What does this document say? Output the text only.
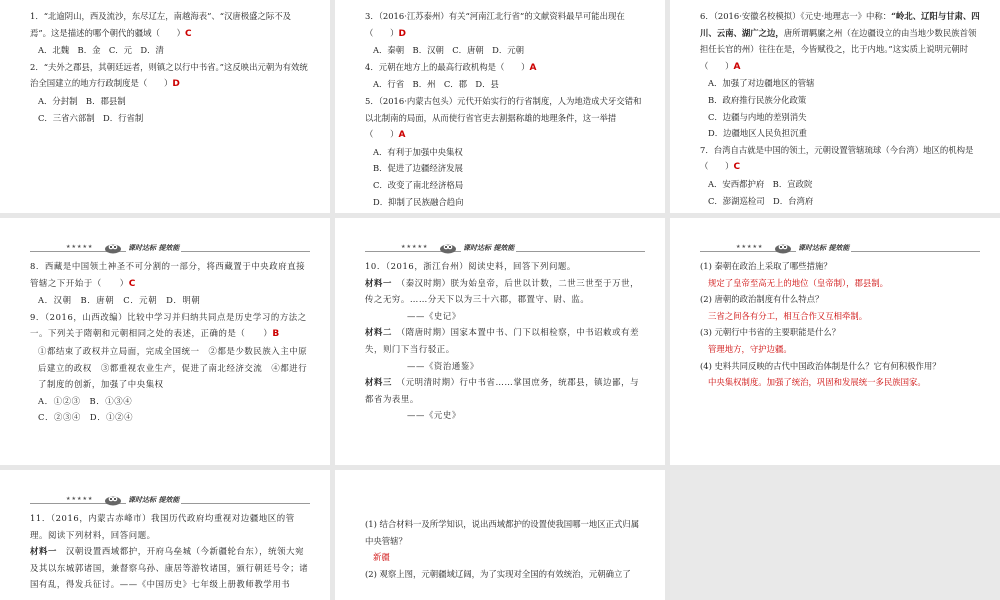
1．“北逾阴山，西及流沙，东尽辽左，南越海表”、“汉唐极盛之际不及焉”。这是描述的哪个朝代的疆域（　　）C

A．北魏　B．金　C．元　D．清

2．“夫外之郡县，其朝廷远者，则镇之以行中书省。”这反映出元朝为有效统治全国建立的地方行政制度是（　　）D

A．分封制　B．郡县制

C．三省六部制　D．行省制

3．（2016·江苏泰州）有关“河南江北行省”的文献资料最早可能出现在（　　）D

A．秦朝　B．汉朝　C．唐朝　D．元朝

4．元朝在地方上的最高行政机构是（　　）A

A．行省　B．州　C．郡　D．县

5．（2016·内蒙古包头）元代开始实行的行省制度，人为地造成犬牙交错和以北制南的局面，从而使行省官吏去割据称雄的地理条件，这一举措（　　）A

A．有利于加强中央集权

B．促进了边疆经济发展

C．改变了南北经济格局

D．抑制了民族融合趋向

6．（2016·安徽名校模拟）《元史·地理志一》中称：“岭北、辽阳与甘肃、四川、云南、湖广之边，唐所谓羁縻之州（在边疆设立的由当地少数民族首领担任长官的州）往往在是，今皆赋役之，比于内地。”这实质上说明元朝时（　　）A

A．加强了对边疆地区的管辖

B．政府推行民族分化政策

C．边疆与内地的差别消失

D．边疆地区人民负担沉重

7．台湾自古就是中国的领土，元朝设置管辖琉球（今台湾）地区的机构是（　　）C

A．安西都护府　B．宣政院

C．澎湖巡检司　D．台湾府

★★★★★	课时达标 提效能

8．西藏是中国领土神圣不可分割的一部分，将西藏置于中央政府直接管辖之下开始于（　　）C

A．汉朝　B．唐朝　C．元朝　D．明朝

9．（2016，山西改编）比较中学习并归纳共同点是历史学习的方法之一。下列关于隋朝和元朝相同之处的表述，正确的是（　　）B

①都结束了政权并立局面，完成全国统一　②都是少数民族入主中原后建立的政权　③都重视农业生产，促进了南北经济交流　④都进行了制度的创新，加强了中央集权

A．①②③　B．①③④

C．②③④　D．①②④

★★★★★	课时达标 提效能

10．（2016，浙江台州）阅读史料，回答下列问题。

材料一　 （秦汉时期）朕为始皇帝，后世以计数，二世三世至于万世，传之无穷。……分天下以为三十六郡，郡置守、尉、监。

——《史记》

材料二　 （隋唐时期）国家本置中书、门下以相检察，中书诏敕或有差失，则门下当行驳正。

——《资治通鉴》

材料三　 （元明清时期）行中书省……掌国庶务，统郡县，镇边鄙，与都省为表里。

——《元史》

★★★★★	课时达标 提效能

(1) 秦朝在政治上采取了哪些措施？

规定了皇帝至高无上的地位（皇帝制），郡县制。

(2) 唐朝的政治制度有什么特点？

三省之间各有分工，相互合作又互相牵制。

(3) 元朝行中书省的主要职能是什么？

管理地方，守护边疆。

(4) 史料共同反映的古代中国政治体制是什么？它有何积极作用？

中央集权制度。加强了统治，巩固和发展统一多民族国家。

★★★★★	课时达标 提效能

11．（2016，内蒙古赤峰市）我国历代政府均重视对边疆地区的管理。阅读下列材料，回答问题。

材料一　 汉朝设置西域都护，开府乌垒城（今新疆轮台东），统领大宛及其以东城郭诸国，兼督察乌孙、康居等游牧诸国，颁行朝廷号令；诸国有乱，得发兵征讨。——《中国历史》七年级上册教师教学用书

(1) 结合材料一及所学知识，说出西域都护的设置使我国哪一地区正式归属中央管辖？

新疆

(2) 观察上图，元朝疆域辽阔，为了实现对全国的有效统治，元朝确立了
